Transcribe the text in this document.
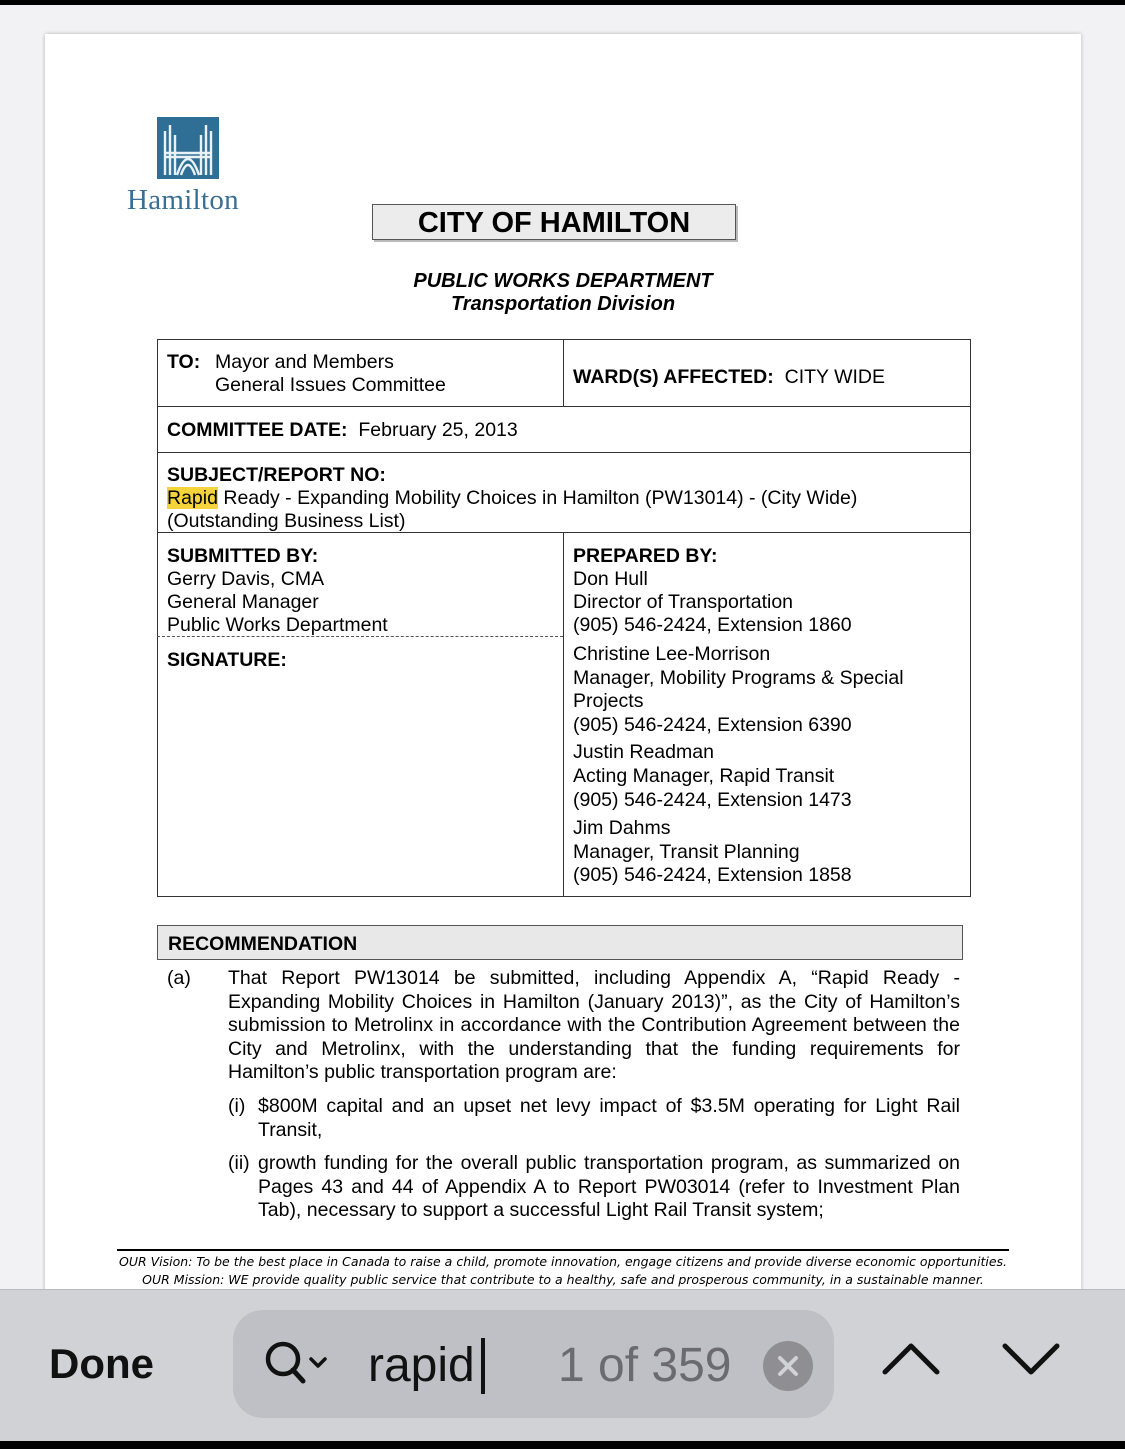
Hamilton
CITY OF HAMILTON
PUBLIC WORKS DEPARTMENT
Transportation Division
TO: Mayor and Members
General Issues Committee	WARD(S) AFFECTED: CITY WIDE
COMMITTEE DATE: February 25, 2013
SUBJECT/REPORT NO:
Rapid Ready - Expanding Mobility Choices in Hamilton (PW13014) - (City Wide)
(Outstanding Business List)
SUBMITTED BY:
Gerry Davis, CMA
General Manager
Public Works Department
SIGNATURE:
PREPARED BY:
Don Hull
Director of Transportation
(905) 546-2424, Extension 1860
Christine Lee-Morrison
Manager, Mobility Programs & Special
Projects
(905) 546-2424, Extension 6390
Justin Readman
Acting Manager, Rapid Transit
(905) 546-2424, Extension 1473
Jim Dahms
Manager, Transit Planning
(905) 546-2424, Extension 1858
RECOMMENDATION
(a) That Report PW13014 be submitted, including Appendix A, “Rapid Ready - Expanding Mobility Choices in Hamilton (January 2013)”, as the City of Hamilton’s submission to Metrolinx in accordance with the Contribution Agreement between the City and Metrolinx, with the understanding that the funding requirements for Hamilton’s public transportation program are:
(i) $800M capital and an upset net levy impact of $3.5M operating for Light Rail Transit,
(ii) growth funding for the overall public transportation program, as summarized on Pages 43 and 44 of Appendix A to Report PW03014 (refer to Investment Plan Tab), necessary to support a successful Light Rail Transit system;
OUR Vision: To be the best place in Canada to raise a child, promote innovation, engage citizens and provide diverse economic opportunities.
OUR Mission: WE provide quality public service that contribute to a healthy, safe and prosperous community, in a sustainable manner.
Done
rapid	1 of 359
